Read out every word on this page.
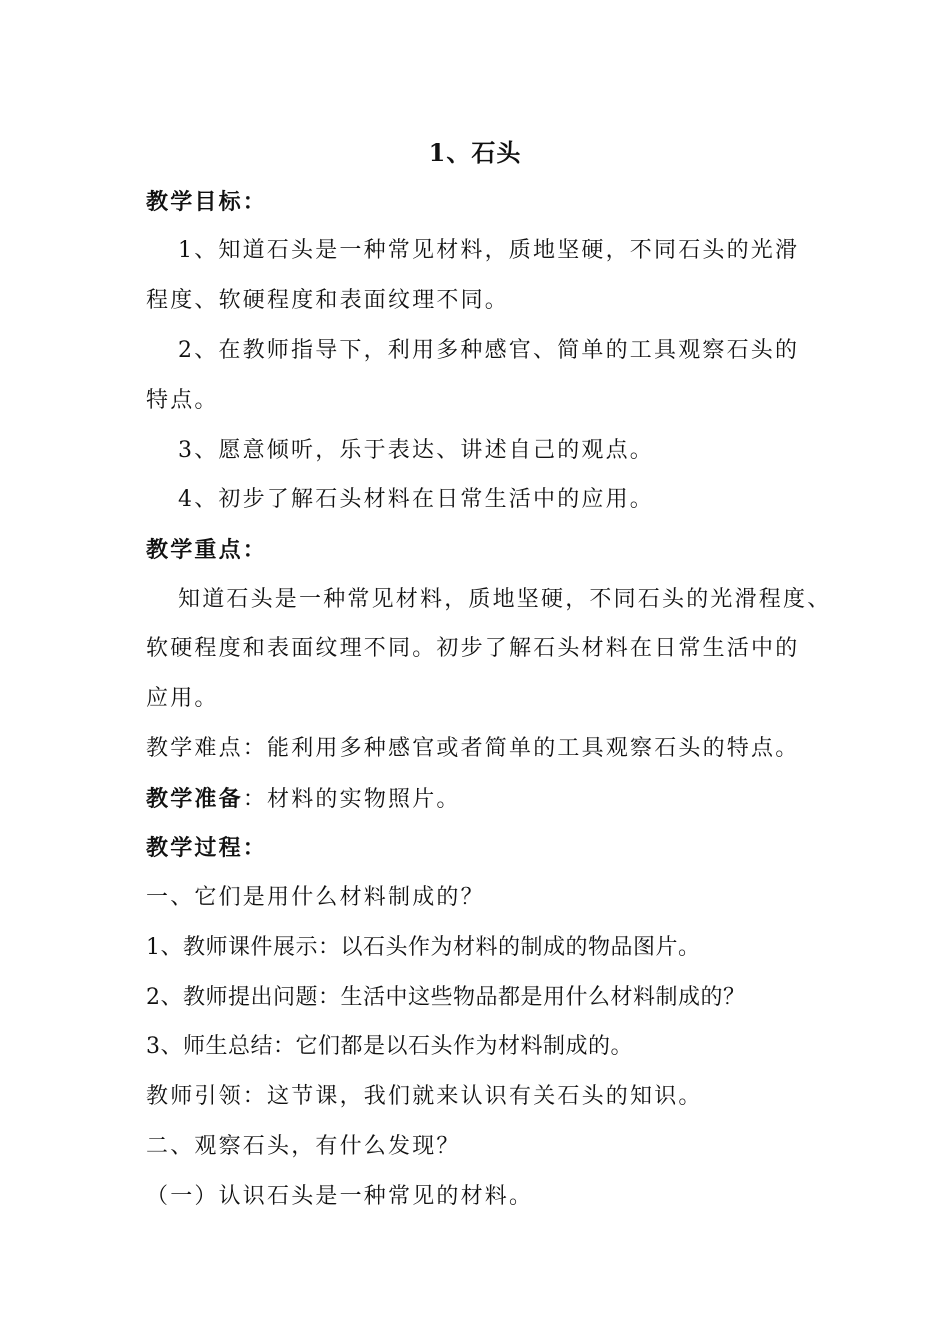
1、石头
教学目标：
1、知道石头是一种常见材料，质地坚硬，不同石头的光滑
程度、软硬程度和表面纹理不同。
2、在教师指导下，利用多种感官、简单的工具观察石头的
特点。
3、愿意倾听，乐于表达、讲述自己的观点。
4、初步了解石头材料在日常生活中的应用。
教学重点：
知道石头是一种常见材料，质地坚硬，不同石头的光滑程度、
软硬程度和表面纹理不同。初步了解石头材料在日常生活中的
应用。
教学难点：能利用多种感官或者简单的工具观察石头的特点。
教学准备：材料的实物照片。
教学过程：
一、它们是用什么材料制成的？
1、教师课件展示：以石头作为材料的制成的物品图片。
2、教师提出问题：生活中这些物品都是用什么材料制成的？
3、师生总结：它们都是以石头作为材料制成的。
教师引领：这节课，我们就来认识有关石头的知识。
二、观察石头，有什么发现？
（一）认识石头是一种常见的材料。
